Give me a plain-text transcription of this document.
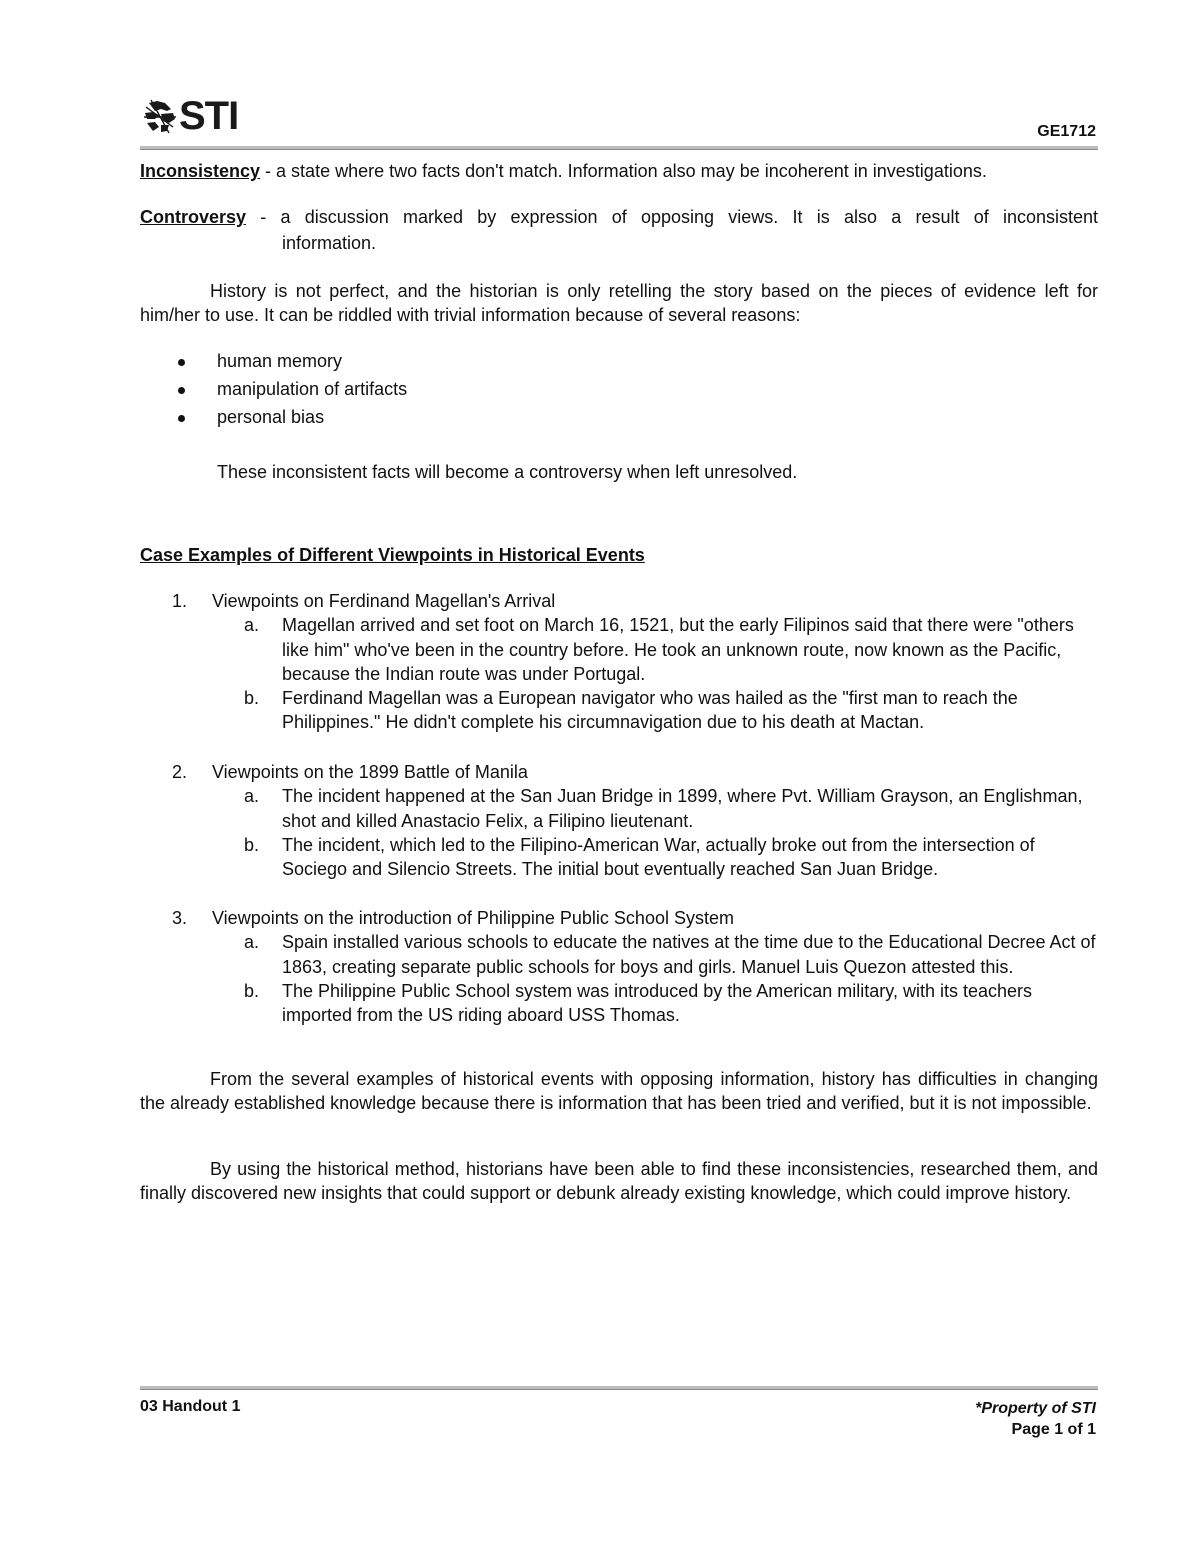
STI	GE1712
Inconsistency - a state where two facts don't match. Information also may be incoherent in investigations.
Controversy - a discussion marked by expression of opposing views. It is also a result of inconsistent
information.
History is not perfect, and the historian is only retelling the story based on the pieces of evidence left for him/her to use. It can be riddled with trivial information because of several reasons:
human memory
manipulation of artifacts
personal bias
These inconsistent facts will become a controversy when left unresolved.
Case Examples of Different Viewpoints in Historical Events
1. Viewpoints on Ferdinand Magellan's Arrival
a. Magellan arrived and set foot on March 16, 1521, but the early Filipinos said that there were "others like him" who've been in the country before. He took an unknown route, now known as the Pacific, because the Indian route was under Portugal.
b. Ferdinand Magellan was a European navigator who was hailed as the "first man to reach the Philippines." He didn't complete his circumnavigation due to his death at Mactan.
2. Viewpoints on the 1899 Battle of Manila
a. The incident happened at the San Juan Bridge in 1899, where Pvt. William Grayson, an Englishman, shot and killed Anastacio Felix, a Filipino lieutenant.
b. The incident, which led to the Filipino-American War, actually broke out from the intersection of Sociego and Silencio Streets. The initial bout eventually reached San Juan Bridge.
3. Viewpoints on the introduction of Philippine Public School System
a. Spain installed various schools to educate the natives at the time due to the Educational Decree Act of 1863, creating separate public schools for boys and girls. Manuel Luis Quezon attested this.
b. The Philippine Public School system was introduced by the American military, with its teachers imported from the US riding aboard USS Thomas.
From the several examples of historical events with opposing information, history has difficulties in changing the already established knowledge because there is information that has been tried and verified, but it is not impossible.
By using the historical method, historians have been able to find these inconsistencies, researched them, and finally discovered new insights that could support or debunk already existing knowledge, which could improve history.
03 Handout 1	*Property of STI
Page 1 of 1
